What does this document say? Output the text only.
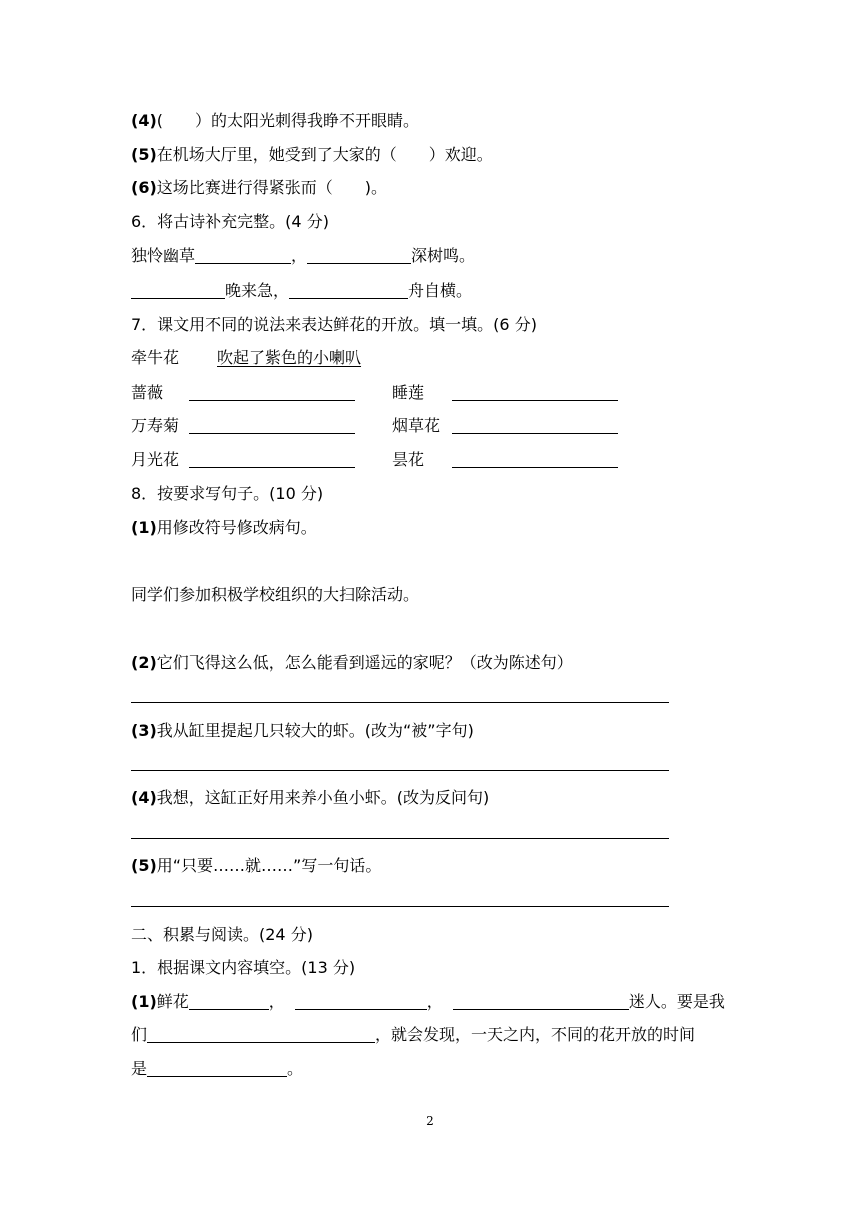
(4)(　　）的太阳光刺得我睁不开眼睛。
(5)在机场大厅里，她受到了大家的（　　）欢迎。
(6)这场比赛进行得紧张而（　　)。
6．将古诗补充完整。(4 分)
独怜幽草	，	深树鸣。
晚来急，	舟自横。
7．课文用不同的说法来表达鲜花的开放。填一填。(6 分)
牵牛花 吹起了紫色的小喇叭
蔷薇	睡莲
万寿菊	烟草花
月光花	昙花
8．按要求写句子。(10 分)
(1)用修改符号修改病句。
同学们参加积极学校组织的大扫除活动。
(2)它们飞得这么低，怎么能看到遥远的家呢？（改为陈述句）
(3)我从缸里提起几只较大的虾。(改为“被”字句)
(4)我想，这缸正好用来养小鱼小虾。(改为反问句)
(5)用“只要……就……”写一句话。
二、积累与阅读。(24 分)
1．根据课文内容填空。(13 分)
(1)鲜花	，	，	迷人。要是我
们	，就会发现，一天之内，不同的花开放的时间
是	。
2
